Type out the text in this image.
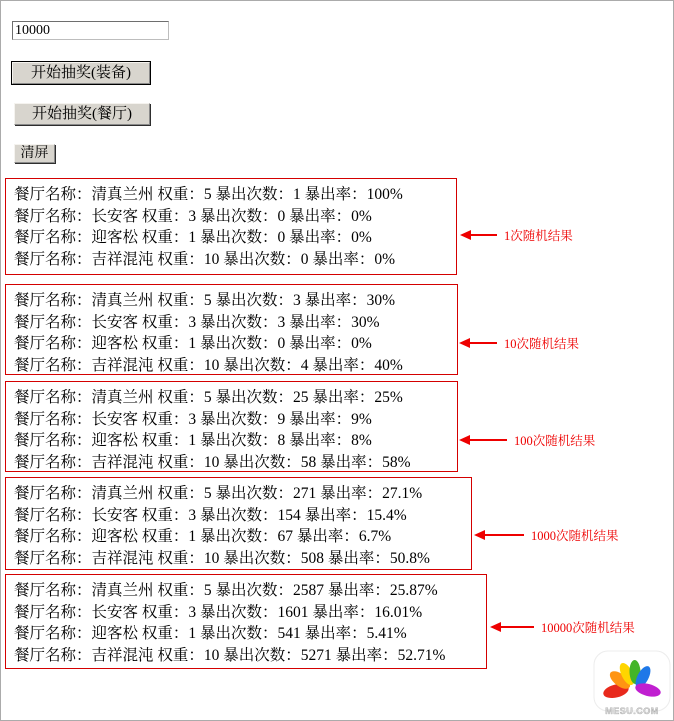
10000
开始抽奖(装备)
开始抽奖(餐厅)
清屏
餐厅名称：清真兰州 权重：5 暴出次数：1 暴出率：100%
餐厅名称：长安客 权重：3 暴出次数：0 暴出率：0%
餐厅名称：迎客松 权重：1 暴出次数：0 暴出率：0%
餐厅名称：吉祥混沌 权重：10 暴出次数：0 暴出率：0%
餐厅名称：清真兰州 权重：5 暴出次数：3 暴出率：30%
餐厅名称：长安客 权重：3 暴出次数：3 暴出率：30%
餐厅名称：迎客松 权重：1 暴出次数：0 暴出率：0%
餐厅名称：吉祥混沌 权重：10 暴出次数：4 暴出率：40%
餐厅名称：清真兰州 权重：5 暴出次数：25 暴出率：25%
餐厅名称：长安客 权重：3 暴出次数：9 暴出率：9%
餐厅名称：迎客松 权重：1 暴出次数：8 暴出率：8%
餐厅名称：吉祥混沌 权重：10 暴出次数：58 暴出率：58%
餐厅名称：清真兰州 权重：5 暴出次数：271 暴出率：27.1%
餐厅名称：长安客 权重：3 暴出次数：154 暴出率：15.4%
餐厅名称：迎客松 权重：1 暴出次数：67 暴出率：6.7%
餐厅名称：吉祥混沌 权重：10 暴出次数：508 暴出率：50.8%
餐厅名称：清真兰州 权重：5 暴出次数：2587 暴出率：25.87%
餐厅名称：长安客 权重：3 暴出次数：1601 暴出率：16.01%
餐厅名称：迎客松 权重：1 暴出次数：541 暴出率：5.41%
餐厅名称：吉祥混沌 权重：10 暴出次数：5271 暴出率：52.71%
1次随机结果
10次随机结果
100次随机结果
1000次随机结果
10000次随机结果
MESU.COM
